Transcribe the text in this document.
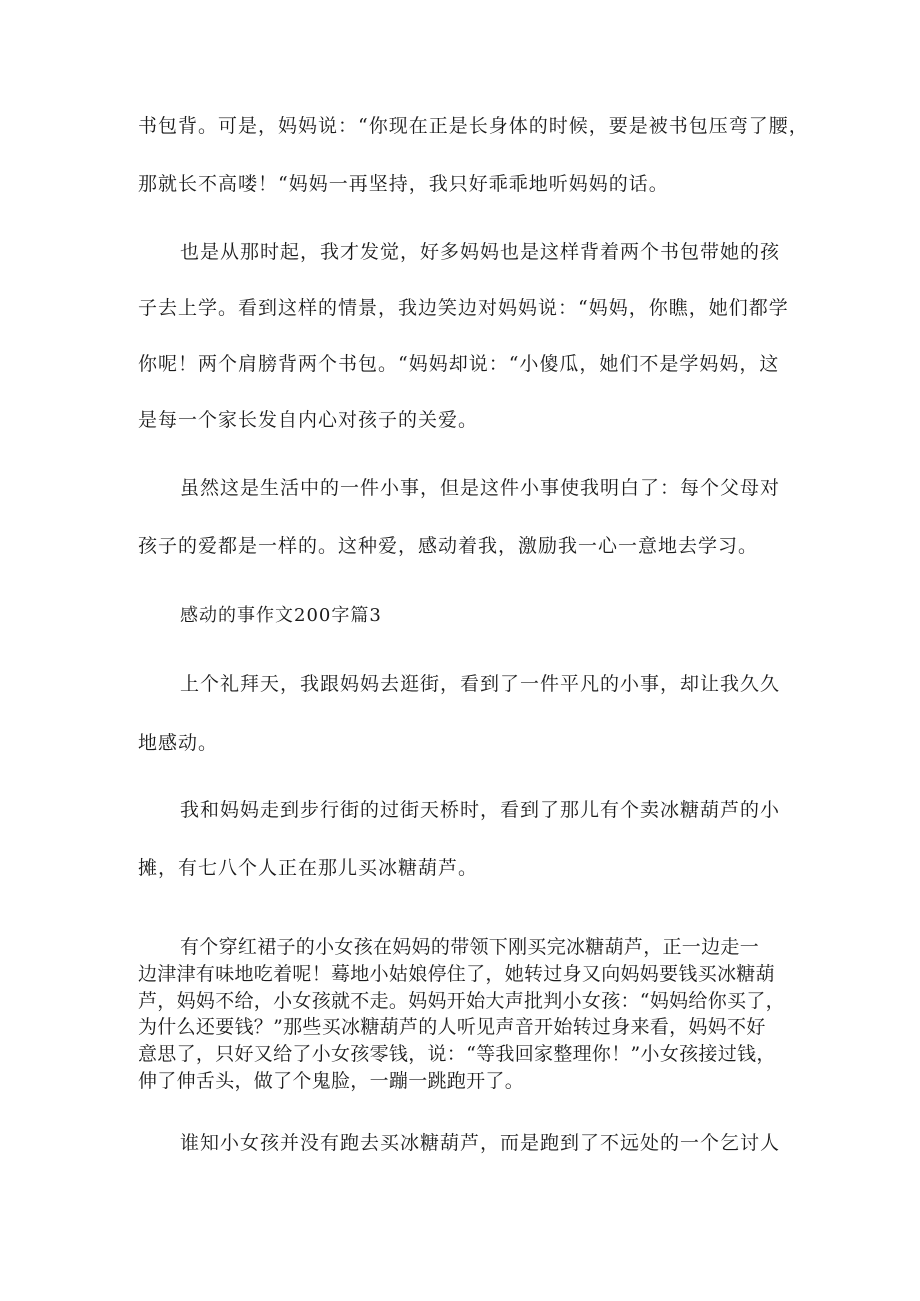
书包背。可是，妈妈说：“你现在正是长身体的时候，要是被书包压弯了腰，
那就长不高喽！“妈妈一再坚持，我只好乖乖地听妈妈的话。
也是从那时起，我才发觉，好多妈妈也是这样背着两个书包带她的孩
子去上学。看到这样的情景，我边笑边对妈妈说：“妈妈，你瞧，她们都学
你呢！两个肩膀背两个书包。“妈妈却说：“小傻瓜，她们不是学妈妈，这
是每一个家长发自内心对孩子的关爱。
虽然这是生活中的一件小事，但是这件小事使我明白了：每个父母对
孩子的爱都是一样的。这种爱，感动着我，激励我一心一意地去学习。
感动的事作文200字篇3
上个礼拜天，我跟妈妈去逛街，看到了一件平凡的小事，却让我久久
地感动。
我和妈妈走到步行街的过街天桥时，看到了那儿有个卖冰糖葫芦的小
摊，有七八个人正在那儿买冰糖葫芦。
有个穿红裙子的小女孩在妈妈的带领下刚买完冰糖葫芦，正一边走一
边津津有味地吃着呢！蓦地小姑娘停住了，她转过身又向妈妈要钱买冰糖葫
芦，妈妈不给，小女孩就不走。妈妈开始大声批判小女孩：“妈妈给你买了，
为什么还要钱？”那些买冰糖葫芦的人听见声音开始转过身来看，妈妈不好
意思了，只好又给了小女孩零钱，说：“等我回家整理你！”小女孩接过钱，
伸了伸舌头，做了个鬼脸，一蹦一跳跑开了。
谁知小女孩并没有跑去买冰糖葫芦，而是跑到了不远处的一个乞讨人
